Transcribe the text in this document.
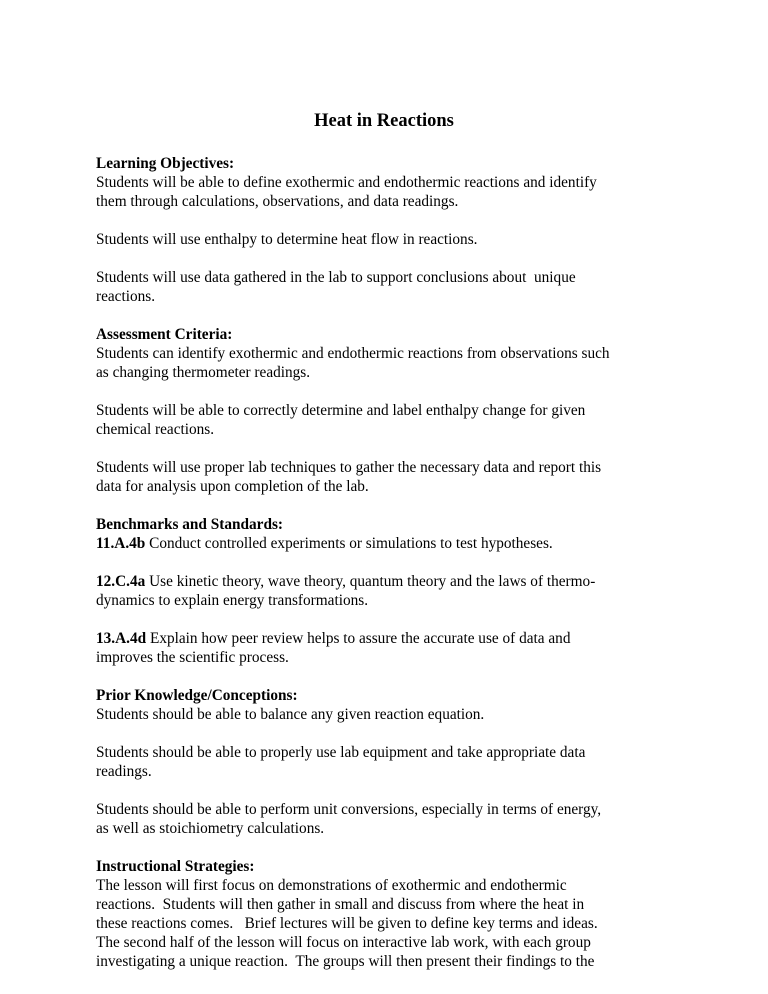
Heat in Reactions
Learning Objectives:
Students will be able to define exothermic and endothermic reactions and identify
them through calculations, observations, and data readings.
Students will use enthalpy to determine heat flow in reactions.
Students will use data gathered in the lab to support conclusions about  unique
reactions.
Assessment Criteria:
Students can identify exothermic and endothermic reactions from observations such
as changing thermometer readings.
Students will be able to correctly determine and label enthalpy change for given
chemical reactions.
Students will use proper lab techniques to gather the necessary data and report this
data for analysis upon completion of the lab.
Benchmarks and Standards:
11.A.4b Conduct controlled experiments or simulations to test hypotheses.
12.C.4a Use kinetic theory, wave theory, quantum theory and the laws of thermo-
dynamics to explain energy transformations.
13.A.4d Explain how peer review helps to assure the accurate use of data and
improves the scientific process.
Prior Knowledge/Conceptions:
Students should be able to balance any given reaction equation.
Students should be able to properly use lab equipment and take appropriate data
readings.
Students should be able to perform unit conversions, especially in terms of energy,
as well as stoichiometry calculations.
Instructional Strategies:
The lesson will first focus on demonstrations of exothermic and endothermic
reactions.  Students will then gather in small and discuss from where the heat in
these reactions comes.   Brief lectures will be given to define key terms and ideas.
The second half of the lesson will focus on interactive lab work, with each group
investigating a unique reaction.  The groups will then present their findings to the
